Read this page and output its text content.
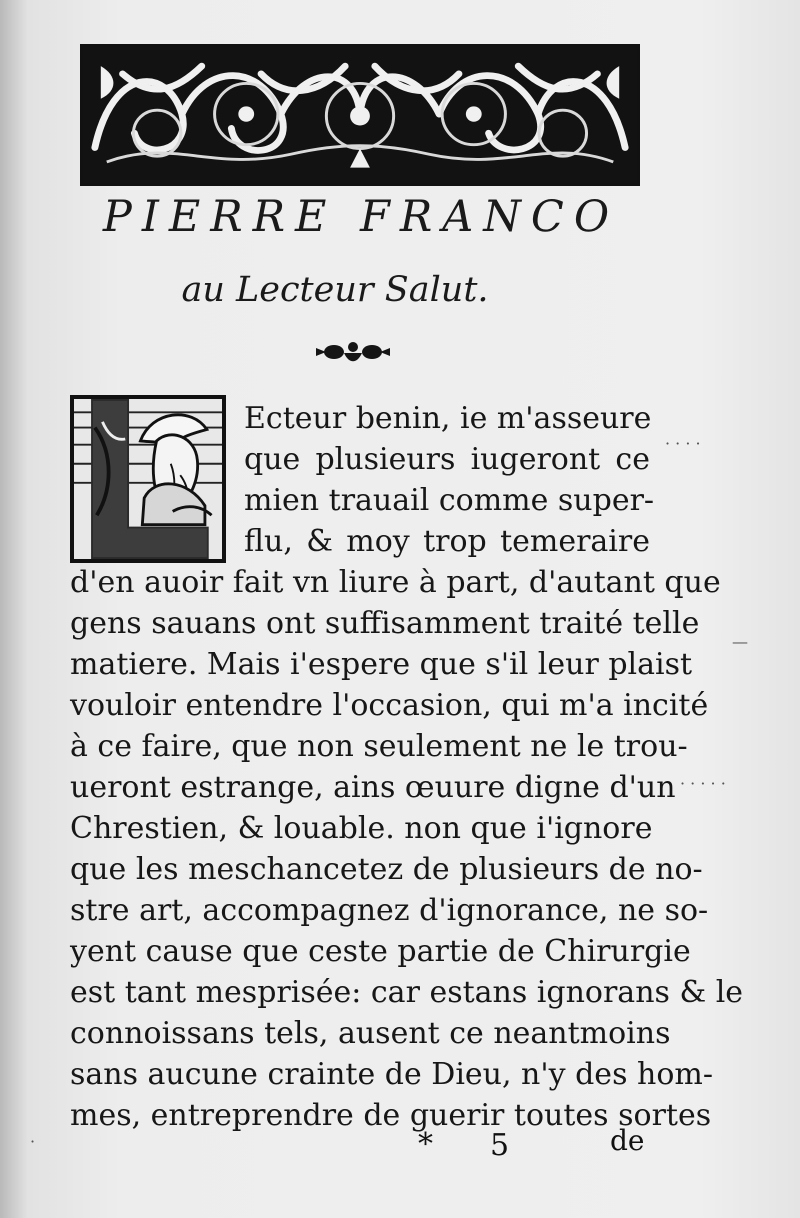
PIERRE FRANCO
au Lecteur Salut.
Ecteur benin, ie m'asseure
que plusieurs iugeront ce
mien trauail comme super-
flu, & moy trop temeraire
d'en auoir fait vn liure à part, d'autant que
gens sauans ont suffisamment traité telle
matiere. Mais i'espere que s'il leur plaist
vouloir entendre l'occasion, qui m'a incité
à ce faire, que non seulement ne le trou-
ueront estrange, ains œuure digne d'un
Chrestien, & louable. non que i'ignore
que les meschancetez de plusieurs de no-
stre art, accompagnez d'ignorance, ne so-
yent cause que ceste partie de Chirurgie
est tant mesprisée: car estans ignorans & le
connoissans tels, ausent ce neantmoins
sans aucune crainte de Dieu, n'y des hom-
mes, entreprendre de guerir toutes sortes
* 5	de
· · · ·
—
· · · · ·
·
